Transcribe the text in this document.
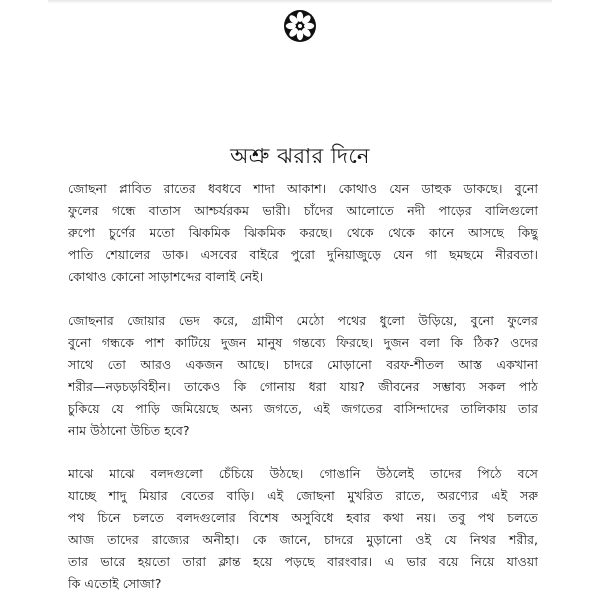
অশ্রু ঝরার দিনে
জোছনা প্লাবিত রাতের ধবধবে শাদা আকাশ। কোথাও যেন ডাহুক ডাকছে। বুনো
ফুলের গন্ধে বাতাস আশ্চর্যরকম ভারী। চাঁদের আলোতে নদী পাড়ের বালিগুলো
রুপো চুর্ণের মতো ঝিকমিক ঝিকমিক করছে। থেকে থেকে কানে আসছে কিছু
পাতি শেয়ালের ডাক। এসবের বাইরে পুরো দুনিয়াজুড়ে যেন গা ছমছমে নীরবতা।
কোথাও কোনো সাড়াশব্দের বালাই নেই।
জোছনার জোয়ার ভেদ করে, গ্রামীণ মেঠো পথের ধুলো উড়িয়ে, বুনো ফুলের
বুনো গন্ধকে পাশ কাটিয়ে দুজন মানুষ গন্তব্যে ফিরছে। দুজন বলা কি ঠিক? ওদের
সাথে তো আরও একজন আছে। চাদরে মোড়ানো বরফ-শীতল আস্ত একখানা
শরীর—নড়চড়বিহীন। তাকেও কি গোনায় ধরা যায়? জীবনের সম্ভাব্য সকল পাঠ
চুকিয়ে যে পাড়ি জমিয়েছে অন্য জগতে, এই জগতের বাসিন্দাদের তালিকায় তার
নাম উঠানো উচিত হবে?
মাঝে মাঝে বলদগুলো চেঁচিয়ে উঠছে। গোঙানি উঠলেই তাদের পিঠে বসে
যাচ্ছে শাদু মিয়ার বেতের বাড়ি। এই জোছনা মুখরিত রাতে, অরণ্যের এই সরু
পথ চিনে চলতে বলদগুলোর বিশেষ অসুবিধে হবার কথা নয়। তবু পথ চলতে
আজ তাদের রাজ্যের অনীহা। কে জানে, চাদরে মুড়ানো ওই যে নিথর শরীর,
তার ভারে হয়তো তারা ক্লান্ত হয়ে পড়ছে বারংবার। এ ভার বয়ে নিয়ে যাওয়া
কি এতোই সোজা?
